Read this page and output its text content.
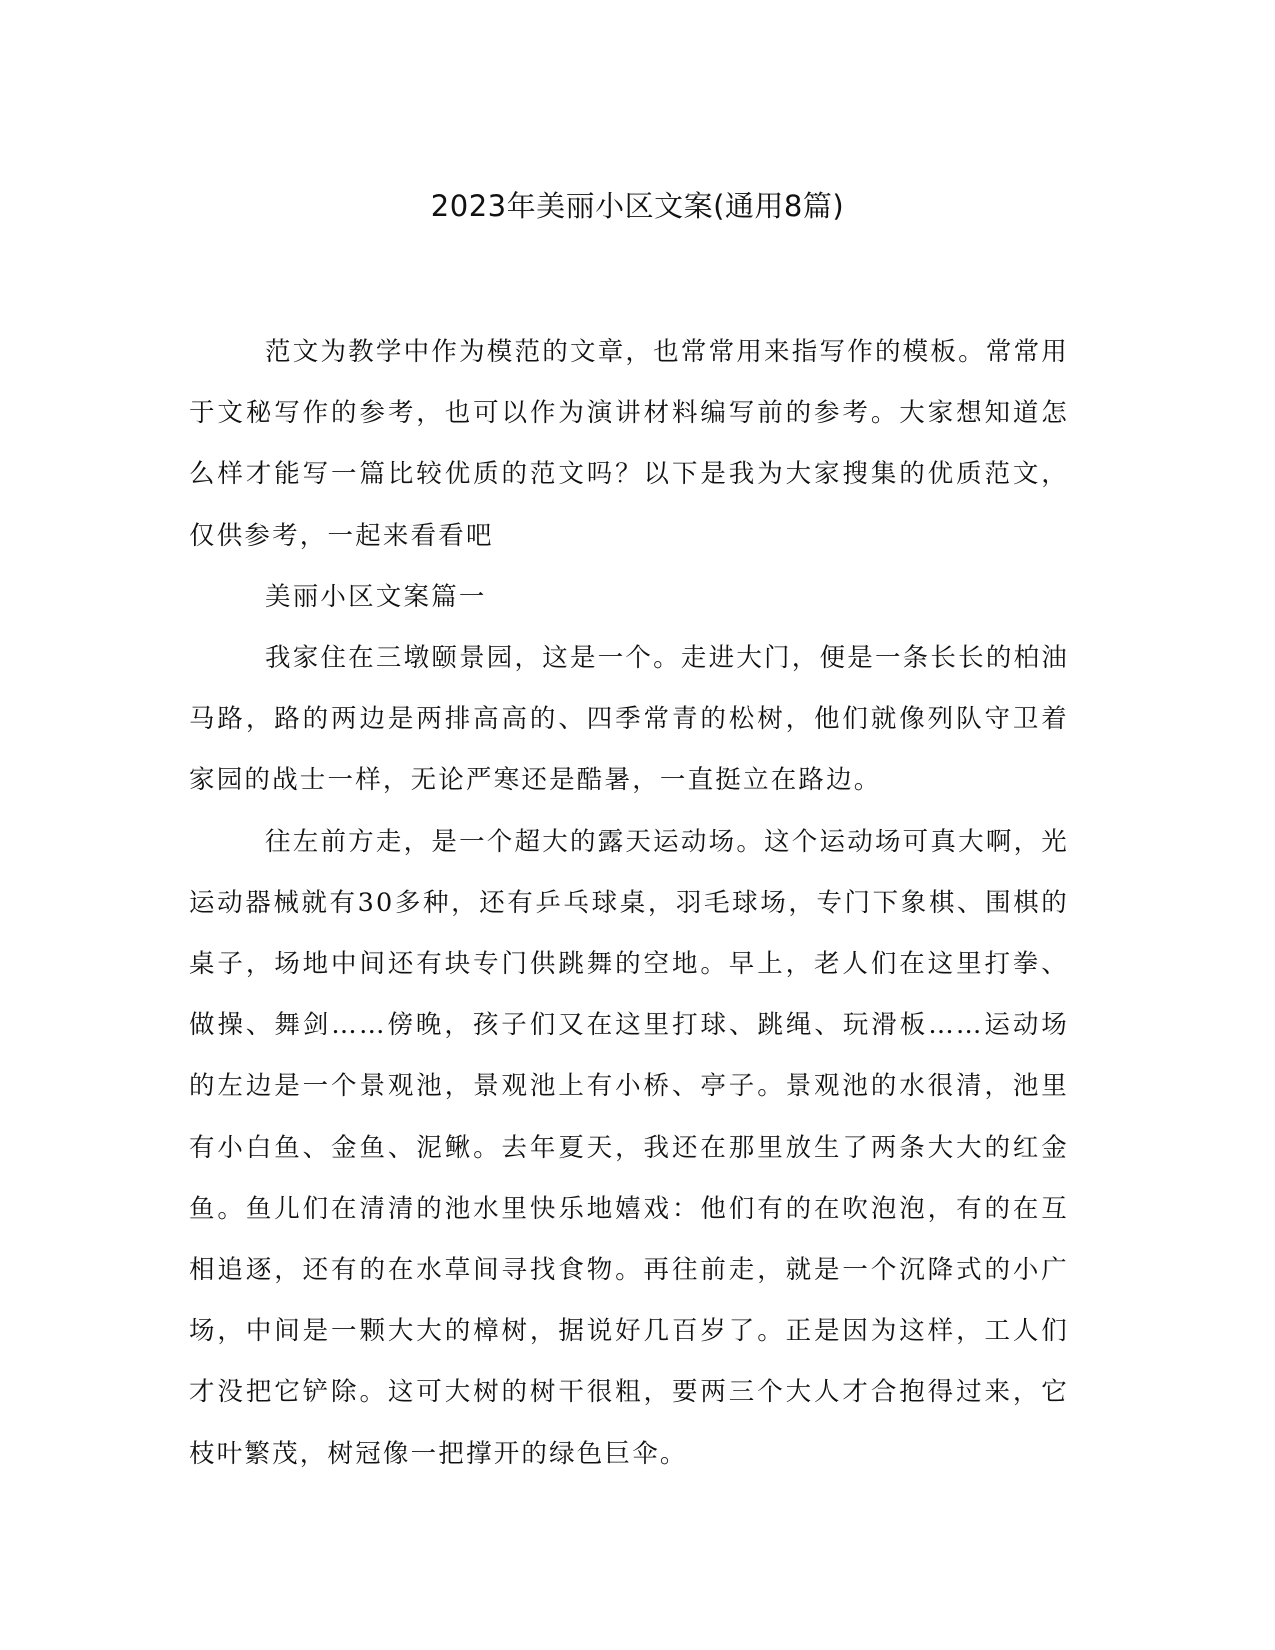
2023年美丽小区文案(通用8篇)

范文为教学中作为模范的文章，也常常用来指写作的模板。常常用于文秘写作的参考，也可以作为演讲材料编写前的参考。大家想知道怎么样才能写一篇比较优质的范文吗？以下是我为大家搜集的优质范文，仅供参考，一起来看看吧

美丽小区文案篇一

我家住在三墩颐景园，这是一个。走进大门，便是一条长长的柏油马路，路的两边是两排高高的、四季常青的松树，他们就像列队守卫着家园的战士一样，无论严寒还是酷暑，一直挺立在路边。

往左前方走，是一个超大的露天运动场。这个运动场可真大啊，光运动器械就有30多种，还有乒乓球桌，羽毛球场，专门下象棋、围棋的桌子，场地中间还有块专门供跳舞的空地。早上，老人们在这里打拳、做操、舞剑……傍晚，孩子们又在这里打球、跳绳、玩滑板……运动场的左边是一个景观池，景观池上有小桥、亭子。景观池的水很清，池里有小白鱼、金鱼、泥鳅。去年夏天，我还在那里放生了两条大大的红金鱼。鱼儿们在清清的池水里快乐地嬉戏：他们有的在吹泡泡，有的在互相追逐，还有的在水草间寻找食物。再往前走，就是一个沉降式的小广场，中间是一颗大大的樟树，据说好几百岁了。正是因为这样，工人们才没把它铲除。这可大树的树干很粗，要两三个大人才合抱得过来，它枝叶繁茂，树冠像一把撑开的绿色巨伞。
